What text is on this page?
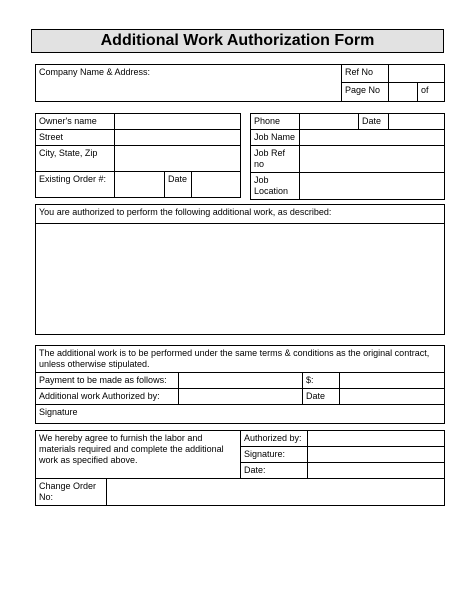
Additional Work Authorization Form
Company Name & Address:	Ref No		
	Page No		of
Owner's name			
Street			
City, State, Zip			
Existing Order #:		Date	
Phone		Date	
Job Name			
Job Ref no			
Job Location			
You are authorized to perform the following additional work, as described:

The additional work is to be performed under the same terms & conditions as the original contract, unless otherwise stipulated.			
Payment to be made as follows:		$:	
Additional work Authorized by:		Date	
Signature			
We hereby agree to furnish the labor and materials required and complete the additional work as specified above.		Authorized by:	
		Signature:	
		Date:	
Change Order No:			
